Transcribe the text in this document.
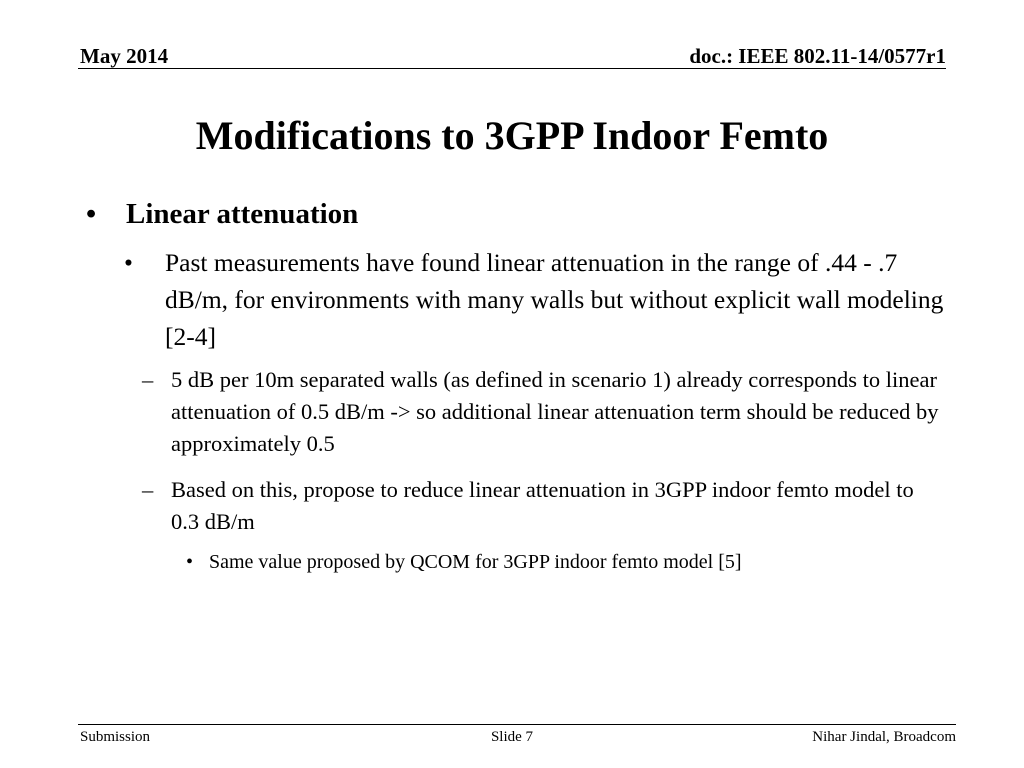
May 2014	doc.: IEEE 802.11-14/0577r1
Modifications to 3GPP Indoor Femto
• Linear attenuation
• Past measurements have found linear attenuation in the range of .44 - .7 dB/m, for environments with many walls but without explicit wall modeling [2-4]
– 5 dB per 10m separated walls (as defined in scenario 1) already corresponds to linear attenuation of 0.5 dB/m -> so additional linear attenuation term should be reduced by approximately 0.5
– Based on this, propose to reduce linear attenuation in 3GPP indoor femto model to 0.3 dB/m
• Same value proposed by QCOM for 3GPP indoor femto model [5]
Submission	Slide 7	Nihar Jindal, Broadcom
